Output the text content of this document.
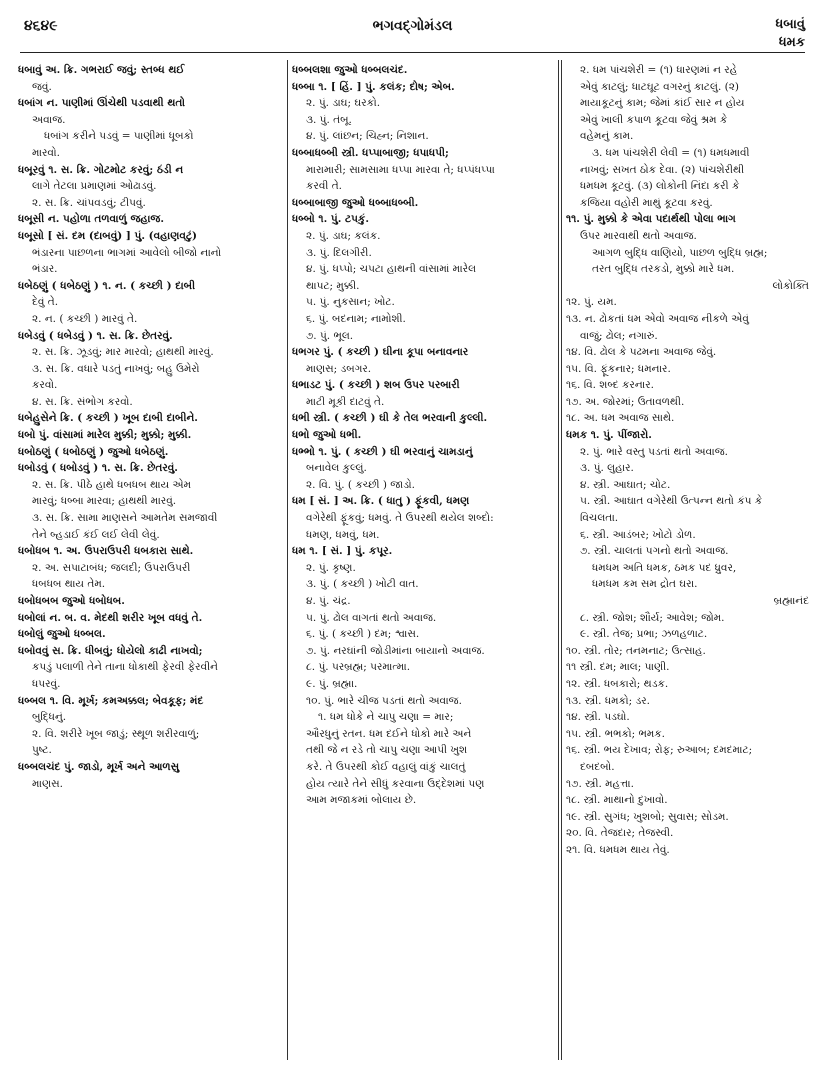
૪૬૪૯	ભગવદ્ગોમંડલ	ધબાવું
ધમક
ધબાવું અ. ક્રિ. ગભરાઈ જવું; સ્તબ્ધ થઈ
જવું.
ધબાંગ ન. પાણીમાં ઊંચેથી પડવાથી થતો
અવાજ.
ધબાંગ કરીને પડવું = પાણીમાં ધૂબકો
મારવો.
ધબૂરવું ૧. સ. ક્રિ. ગોટમોટ કરવું; ઠંડી ન
લાગે તેટલા પ્રમાણમાં ઓઢાડવું.
૨. સ. ક્રિ. ચાંપવડવું; ટીપવું.
ધબૂસી ન. પહોળા તળવાળું જહાજ.
ધબૂસો [ સં. દમ (દાબવું) ] પું. (વહાણવટું)
ભંડારના પાછળના ભાગમાં આવેલો બીજો નાનો
ભંડાર.
ધબેઠણું ( ધબેઠણું ) ૧. ન. ( કચ્છી ) દાબી
દેવું તે.
૨. ન. ( કચ્છી ) મારવું તે.
ધબેડવું ( ધબેડવું ) ૧. સ. ક્રિ. છેતરવું.
૨. સ. ક્રિ. ઝૂડવું; માર મારવો; હાથથી મારવું.
૩. સ. ક્રિ. વધારે પડતું નાખવું; બહુ ઉમેરો
કરવો.
૪. સ. ક્રિ. સંભોગ કરવો.
ધબેહુસેને ક્રિ. ( કચ્છી ) ખૂબ દાબી દાબીને.
ધબો પું. વાંસામાં મારેલ મુક્કી; મુક્કો; મુક્કી.
ધબોઠણું ( ધબોઠણું ) જુઓ ધબેઠણું.
ધબોડવું ( ધબોડવું ) ૧. સ. ક્રિ. છેતરવું.
૨. સ. ક્રિ. પીઠે હાથે ધબધબ થાય એમ
મારવું; ધબ્બા મારવા; હાથથી મારવું.
૩. સ. ક્રિ. સામા માણસને આમતેમ સમજાવી
તેને બ્હડાઈ કંઈ લઈ લેવી લેવું.
ધબોધબ ૧. અ. ઉપરાઉપરી ધબકારા સાથે.
૨. અ. સપાટાબંધ; જલદી; ઉપરાઉપરી
ધબધબ થાય તેમ.
ધબોધબબ જુઓ ધબોધબ.
ધબોલાં ન. બ. વ. મેદથી શરીર ખૂબ વધવું તે.
ધબોલું જુઓ ધબ્બલ.
ધબોવવું સ. ક્રિ. ધીબવું; ધોયેલો કાઢી નાખવો;
કપડું પલાળી તેને તાના ધોકાથી ફેરવી ફેરવીને
ધપરવું.
ધબ્બલ ૧. વિ. મૂર્ખ; કમઅક્કલ; બેવકૂફ; મંદ
બુદ્ધિનું.
૨. વિ. શરીરે ખૂબ જાડું; સ્થૂળ શરીરવાળું;
પુષ્ટ.
ધબ્બલચંદ પું. જાડો, મૂર્ખ અને આળસુ
માણસ.
ધબ્બલશા જુઓ ધબ્બલચંદ.
ધબ્બા ૧. [ હિં. ] પું. કલંક; દોષ; એબ.
૨. પું. ડાઘ; ઘરકો.
૩. પું. તંબૂ.
૪. પું. લાંછન; ચિહ્ન; નિશાન.
ધબ્બાધબ્બી સ્ત્રી. ધપ્પાબાજી; ધપાધપી;
મારામારી; સામસામા ધપ્પા મારવા તે; ધપ્પંધપ્પા
કરવી તે.
ધબ્બાબાજી જુઓ ધબ્બાધબ્બી.
ધબ્બો ૧. પું. ટપકું.
૨. પું. ડાઘ; કલંક.
૩. પું. દિલગીરી.
૪. પું. ધપ્પો; ચપટા હાથની વાંસામાં મારેલ
થાપટ; મુક્કી.
૫. પું. નુકસાન; ખોટ.
૬. પું. બદનામ; નામોશી.
૭. પું. ભૂલ.
ધભગર પું. ( કચ્છી ) ઘીના કૂપા બનાવનાર
માણસ; ડબગર.
ધભાડટ પું. ( કચ્છી ) શબ ઉપર પરબારી
માટી મૂકી દાટવું તે.
ધભી સ્ત્રી. ( કચ્છી ) ઘી કે તેલ ભરવાની કુલ્લી.
ધભો જુઓ ધભી.
ધભ્ભો ૧. પું. ( કચ્છી ) ઘી ભરવાનું ચામડાનું
બનાવેલ કુલ્લું.
૨. વિ. પું. ( કચ્છી ) જાડો.
ધમ [ સં. ] અ. ક્રિ. ( ધાતુ ) ફૂંકવી, ધમણ
વગેરેથી ફૂંકવું; ધમવું. તે ઉપરથી થયેલ શબ્દો:
ધમણ, ધમવું, ધમ.
ધમ ૧. [ સં. ] પું. કપૂર.
૨. પું. કૃષ્ણ.
૩. પું. ( કચ્છી ) ખોટી વાત.
૪. પું. ચંદ્ર.
૫. પું. ઢોલ વાગતાં થતો અવાજ.
૬. પું. ( કચ્છી ) દમ; શ્વાસ.
૭. પું. નરઘાંની જોડીમાંના બાયાનો અવાજ.
૮. પું. પરબ્રહ્મ; પરમાત્મા.
૯. પું. બ્રહ્મા.
૧૦. પું. ભારે ચીજ પડતાં થતો અવાજ.
૧. ધમ ધોકે ને ચાપુ ચણા = માર;
ઔરધુનું રતન. ધમ દઈને ધોકો મારે અને
તથી જે ન રડે તો ચાપુ ચણા આપી ખુશ
કરે. તે ઉપરથી કોઈ વહાલું વાંકું ચાલતું
હોય ત્યારે તેને સીધું કરવાના ઉદ્દેશમાં પણ
આમ મજાકમાં બોલાય છે.
૨. ધમ પાંચશેરી = (૧) ધારણમાં ન રહે
એવું કાટલું; ધાટઘૂટ વગરનું કાટલું. (૨)
માયાકૂટનું કામ; જેમાં કાંઈ સાર ન હોય
એવું ખાલી કપાળ કૂટવા જેવું શ્રમ કે
વહેમનું કામ.
૩. ધમ પાંચશેરી લેવી = (૧) ધમધમાવી
નાખવું; સખત ઠોક દેવા. (૨) પાંચશેરીથી
ધમધમ કૂટવું. (૩) લોકોની નિંદા કરી કે
કજિયા વહોરી માથું કૂટવા કરવું.
૧૧. પું. મુક્કો કે એવા પદાર્થથી પોલા ભાગ
ઉપર મારવાથી થતો અવાજ.
આગળ બુદ્ધિ વાણિયો, પાછળ બુદ્ધિ બ્રહ્મ;
તરત બુદ્ધિ તરકડો, મુક્કો મારે ધમ.
લોકોક્તિ
૧૨. પું. યમ.
૧૩. ન. ઢોકતાં ધમ એવો અવાજ નીકળે એવું
વાજું; ઢોલ; નગારું.
૧૪. વિ. ઢોલ કે પઢમના અવાજ જેવું.
૧૫. વિ. ફૂંકનાર; ધમનાર.
૧૬. વિ. શબ્દ કરનાર.
૧૭. અ. જોરમાં; ઉતાવળથી.
૧૮. અ. ધમ અવાજ સાથે.
ધમક ૧. પું. પીંજારો.
૨. પું. ભારે વસ્તુ પડતાં થતો અવાજ.
૩. પું. લુહાર.
૪. સ્ત્રી. આઘાત; ચોટ.
૫. સ્ત્રી. આઘાત વગેરેથી ઉત્પન્ન થતો કંપ કે
વિચલતા.
૬. સ્ત્રી. આડંબર; ખોટો ડોળ.
૭. સ્ત્રી. ચાલતાં પગનો થતો અવાજ.
ધમધમ અતિ ધમક, ઠમક પદ ધ્રુવર,
ધમધમ કમ સમ દ્રોત ઘરા.
બ્રહ્માનંદ
૮. સ્ત્રી. જોશ; શૌર્ય; આવેશ; જોમ.
૯. સ્ત્રી. તેજ; પ્રભા; ઝળહળાટ.
૧૦. સ્ત્રી. તોર; તનમનાટ; ઉત્સાહ.
૧૧ સ્ત્રી. દમ; માલ; પાણી.
૧૨. સ્ત્રી. ધબકારો; થડક.
૧૩. સ્ત્રી. ધમકો; ડર.
૧૪. સ્ત્રી. પડઘો.
૧૫. સ્ત્રી. ભભકો; ભમક.
૧૬. સ્ત્રી. ભય દેખાવ; રોફ; રુઆબ; દમદમાટ;
દબદબો.
૧૭. સ્ત્રી. મહત્તા.
૧૮. સ્ત્રી. માથાનો દુખાવો.
૧૯. સ્ત્રી. સુગંધ; ખુશબો; સુવાસ; સોડમ.
૨૦. વિ. તેજદાર; તેજસ્વી.
૨૧. વિ. ધમધમ થાય તેવું.
